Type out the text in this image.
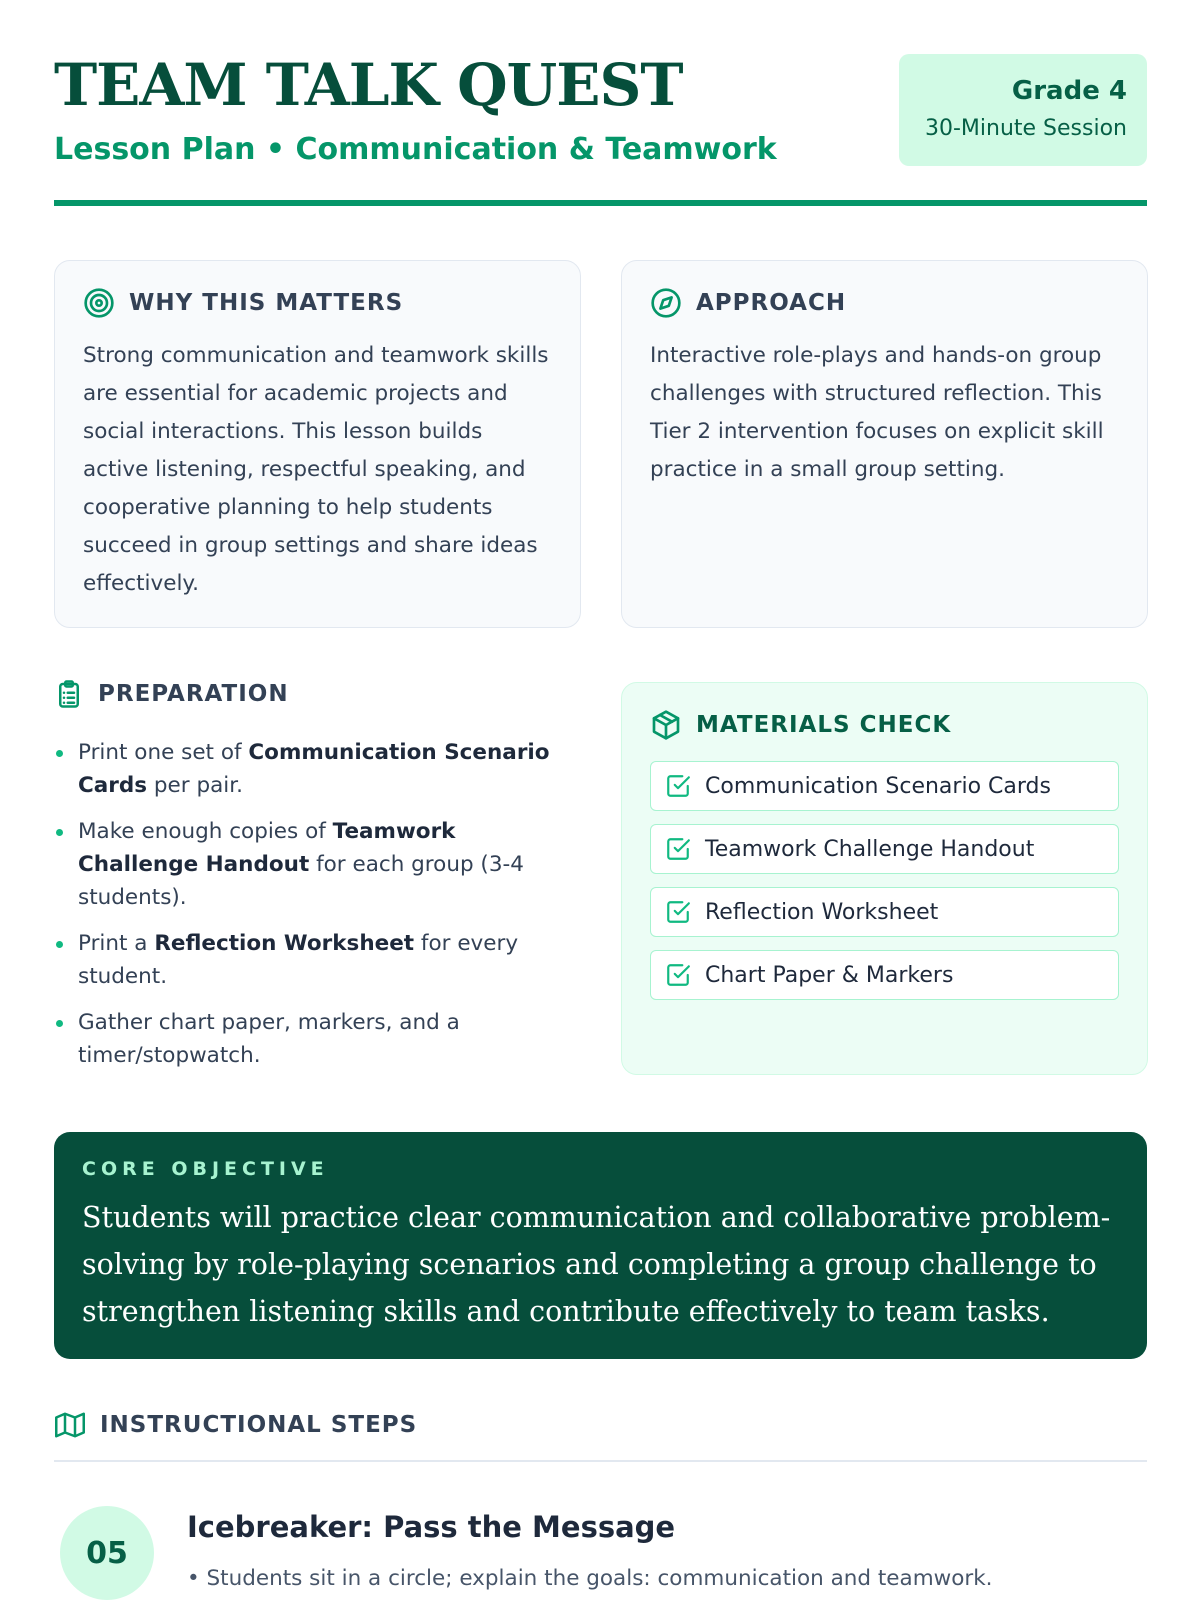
TEAM TALK QUEST
Lesson Plan • Communication & Teamwork
Grade 4
30-Minute Session
WHY THIS MATTERS
Strong communication and teamwork skills are essential for academic projects and social interactions. This lesson builds active listening, respectful speaking, and cooperative planning to help students succeed in group settings and share ideas effectively.
APPROACH
Interactive role-plays and hands-on group challenges with structured reflection. This Tier 2 intervention focuses on explicit skill practice in a small group setting.
PREPARATION
Print one set of Communication Scenario Cards per pair.
Make enough copies of Teamwork Challenge Handout for each group (3-4 students).
Print a Reflection Worksheet for every student.
Gather chart paper, markers, and a timer/stopwatch.
MATERIALS CHECK
Communication Scenario Cards
Teamwork Challenge Handout
Reflection Worksheet
Chart Paper & Markers
CORE OBJECTIVE
Students will practice clear communication and collaborative problem-solving by role-playing scenarios and completing a group challenge to strengthen listening skills and contribute effectively to team tasks.
INSTRUCTIONAL STEPS
05
Icebreaker: Pass the Message
• Students sit in a circle; explain the goals: communication and teamwork.
